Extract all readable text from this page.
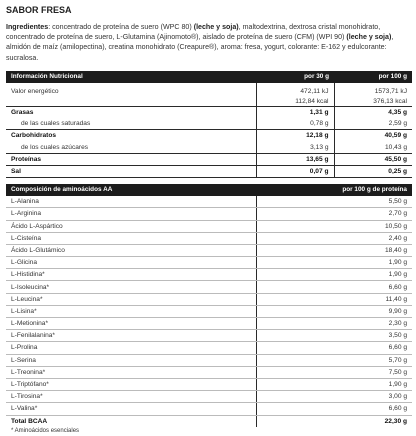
SABOR FRESA
Ingredientes: concentrado de proteína de suero (WPC 80) (leche y soja), maltodextrina, dextrosa cristal monohidrato, concentrado de proteína de suero, L-Glutamina (Ajinomoto®), aislado de proteína de suero (CFM) (WPI 90) (leche y soja), almidón de maíz (amilopectina), creatina monohidrato (Creapure®), aroma: fresa, yogurt, colorante: E-162 y edulcorante: sucralosa.
Información Nutricional	por 30 g	por 100 g

Valor energético	472,11 kJ	1573,71 kJ
	112,84 kcal	376,13 kcal
Grasas	1,31 g	4,35 g
de las cuales saturadas	0,78 g	2,59 g
Carbohidratos	12,18 g	40,59 g
de los cuales azúcares	3,13 g	10,43 g
Proteínas	13,65 g	45,50 g
Sal	0,07 g	0,25 g
Composición de aminoácidos AA	por 100 g de proteína
L-Alanina	5,50 g
L-Arginina	2,70 g
Ácido L-Aspártico	10,50 g
L-Cisteína	2,40 g
Ácido L-Glutámico	18,40 g
L-Glicina	1,90 g
L-Histidina*	1,90 g
L-Isoleucina*	6,60 g
L-Leucina*	11,40 g
L-Lisina*	9,90 g
L-Metionina*	2,30 g
L-Fenilalanina*	3,50 g
L-Prolina	6,60 g
L-Serina	5,70 g
L-Treonina*	7,50 g
L-Triptófano*	1,90 g
L-Tirosina*	3,00 g
L-Valina*	6,60 g
Total BCAA	22,30 g
* Aminoácidos esenciales
